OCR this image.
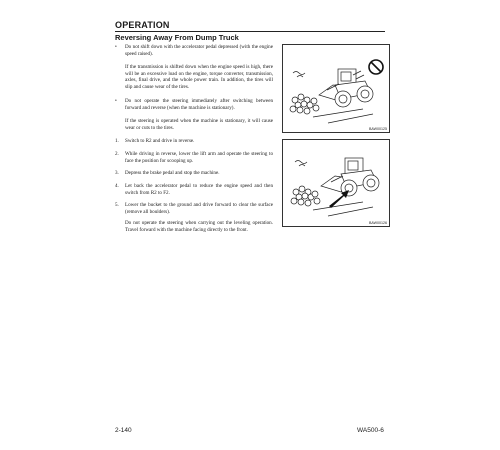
OPERATION
Reversing Away From Dump Truck
• Do not shift down with the accelerator pedal depressed (with the engine speed raised).
If the transmission is shifted down when the engine speed is high, there will be an excessive load on the engine, torque converter, transmission, axles, final drive, and the whole power train. In addition, the tires will slip and cause wear of the tires.
• Do not operate the steering immediately after switching between forward and reverse (when the machine is stationary).
If the steering is operated when the machine is stationary, it will cause wear or cuts to the tires.
1. Switch to R2 and drive in reverse.
2. While driving in reverse, lower the lift arm and operate the steering to face the position for scooping up.
3. Depress the brake pedal and stop the machine.
4. Let back the accelerator pedal to reduce the engine speed and then switch from R2 to F2.
5. Lower the bucket to the ground and drive forward to clear the surface (remove all boulders).
Do not operate the steering when carrying out the leveling operation. Travel forward with the machine facing directly to the front.
BAW00125
BAW00126
2-140	WA500-6
